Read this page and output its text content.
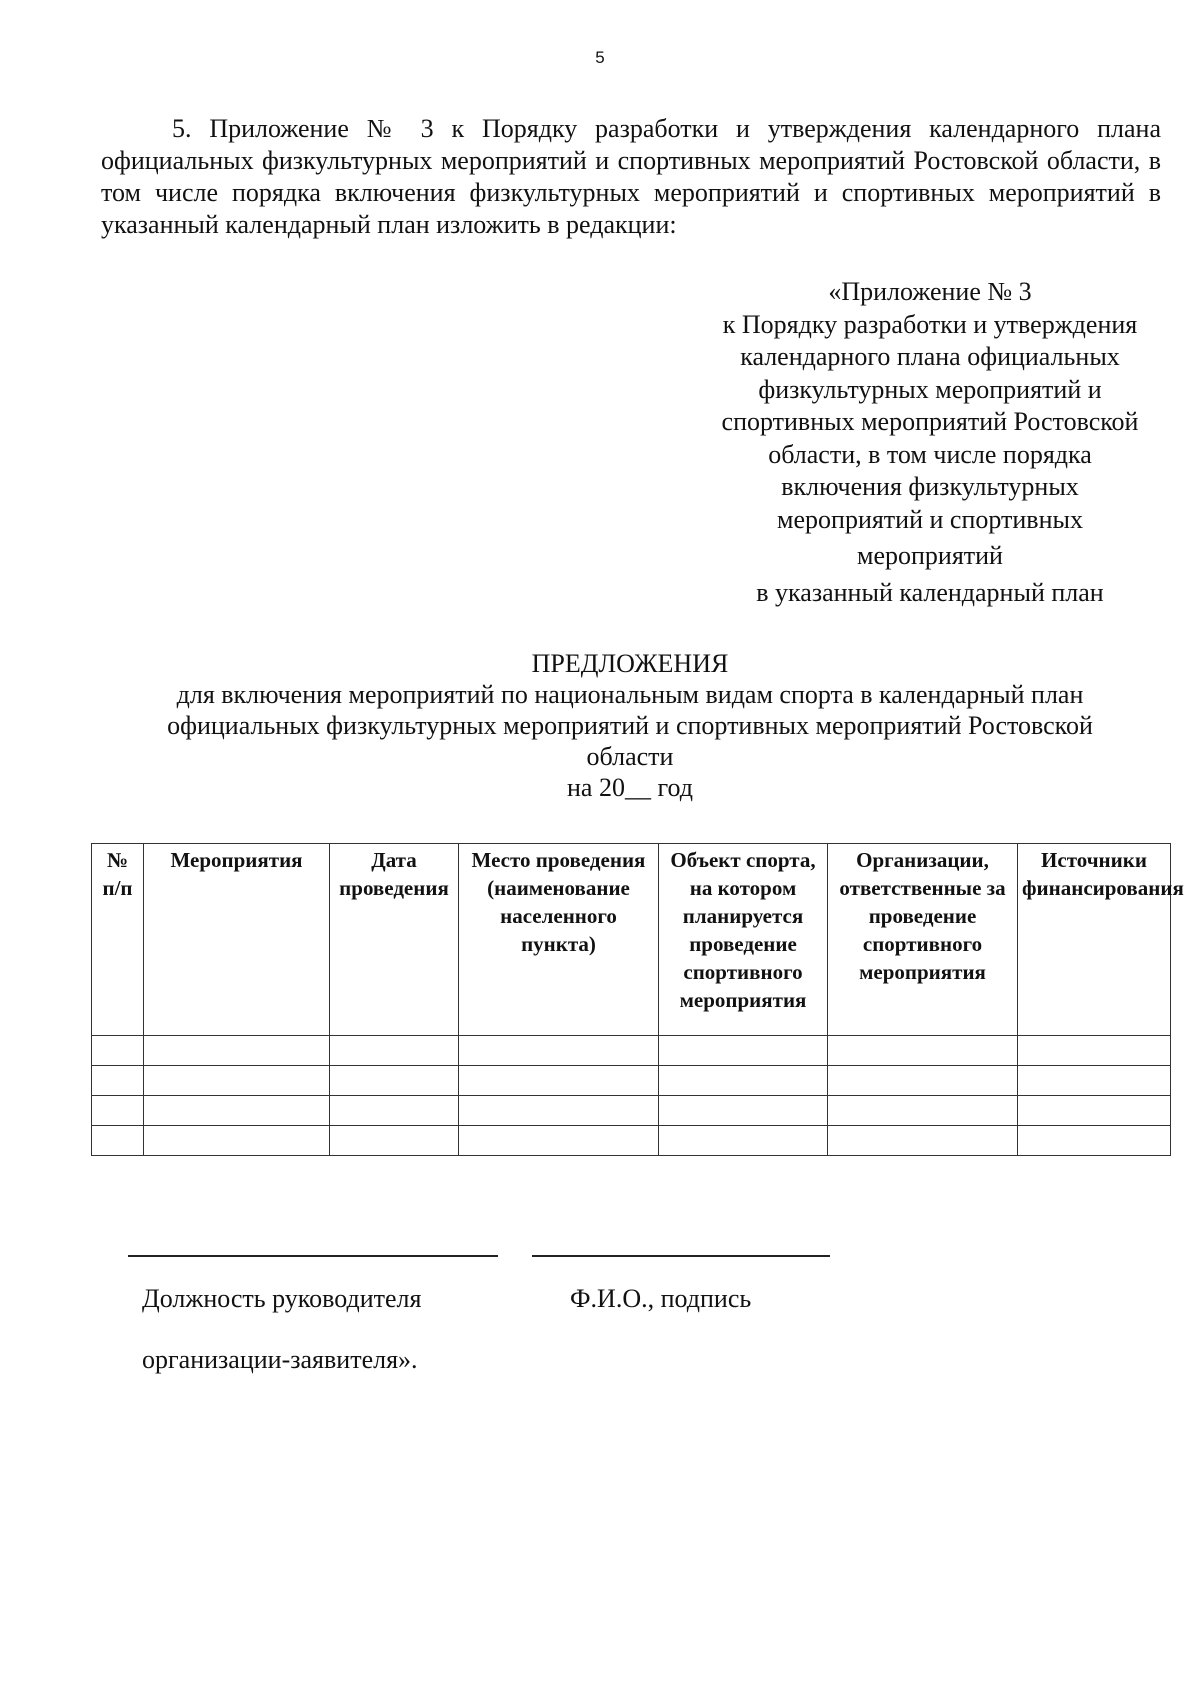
5

5. Приложение № 3 к Порядку разработки и утверждения календарного плана официальных физкультурных мероприятий и спортивных мероприятий Ростовской области, в том числе порядка включения физкультурных мероприятий и спортивных мероприятий в указанный календарный план изложить в редакции:

«Приложение № 3
к Порядку разработки и утверждения
календарного плана официальных
физкультурных мероприятий и
спортивных мероприятий Ростовской
области, в том числе порядка
включения физкультурных
мероприятий и спортивных
мероприятий
в указанный календарный план
ПРЕДЛОЖЕНИЯ
для включения мероприятий по национальным видам спорта в календарный план
официальных физкультурных мероприятий и спортивных мероприятий Ростовской
области
на 20__ год
№ п/п	Мероприятия	Дата проведения	Место проведения (наименование населенного пункта)	Объект спорта, на котором планируется проведение спортивного мероприятия	Организации, ответственные за проведение спортивного мероприятия	Источники финансирования

Должность руководителя	Ф.И.О., подпись
организации-заявителя».
